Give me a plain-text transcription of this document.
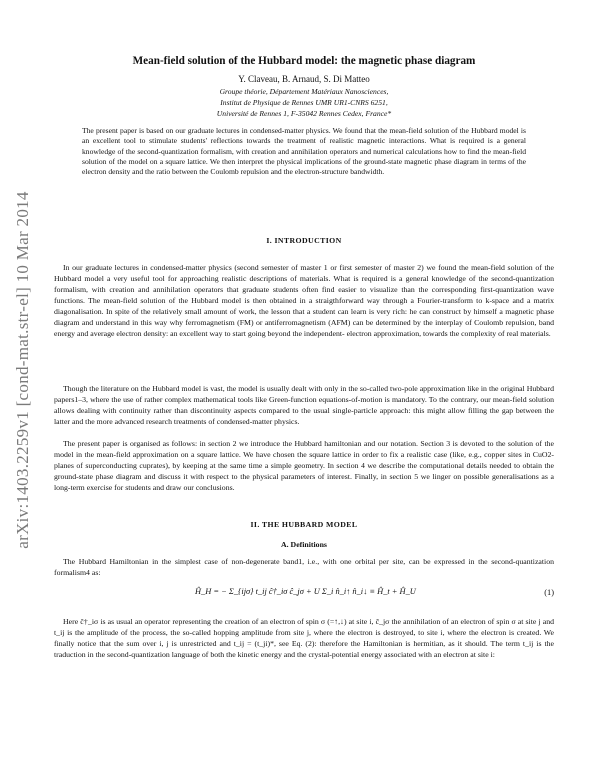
arXiv:1403.2259v1 [cond-mat.str-el] 10 Mar 2014
Mean-field solution of the Hubbard model: the magnetic phase diagram
Y. Claveau, B. Arnaud, S. Di Matteo
Groupe théorie, Département Matériaux Nanosciences,
Institut de Physique de Rennes UMR UR1-CNRS 6251,
Université de Rennes 1, F-35042 Rennes Cedex, France*
The present paper is based on our graduate lectures in condensed-matter physics. We found that the mean-field solution of the Hubbard model is an excellent tool to stimulate students' reflections towards the treatment of realistic magnetic interactions. What is required is a general knowledge of the second-quantization formalism, with creation and annihilation operators and numerical calculations how to find the mean-field solution of the model on a square lattice. We then interpret the physical implications of the ground-state magnetic phase diagram in terms of the electron density and the ratio between the Coulomb repulsion and the electron-structure bandwidth.
I. INTRODUCTION
In our graduate lectures in condensed-matter physics (second semester of master 1 or first semester of master 2) we found the mean-field solution of the Hubbard model a very useful tool for approaching realistic descriptions of materials. What is required is a general knowledge of the second-quantization formalism, with creation and annihilation operators that graduate students often find easier to visualize than the corresponding first-quantization wave functions. The mean-field solution of the Hubbard model is then obtained in a straigthforward way through a Fourier-transform to k-space and a matrix diagonalisation. In spite of the relatively small amount of work, the lesson that a student can learn is very rich: he can construct by himself a magnetic phase diagram and understand in this way why ferromagnetism (FM) or antiferromagnetism (AFM) can be determined by the interplay of Coulomb repulsion, band energy and average electron density: an excellent way to start going beyond the independent- electron approximation, towards the complexity of real materials.
Though the literature on the Hubbard model is vast, the model is usually dealt with only in the so-called two-pole approximation like in the original Hubbard papers1–3, where the use of rather complex mathematical tools like Green-function equations-of-motion is mandatory. To the contrary, our mean-field solution allows dealing with continuity rather than discontinuity aspects compared to the usual single-particle approach: this might allow filling the gap between the latter and the more advanced research treatments of condensed-matter physics.
The present paper is organised as follows: in section 2 we introduce the Hubbard hamiltonian and our notation. Section 3 is devoted to the solution of the model in the mean-field approximation on a square lattice. We have chosen the square lattice in order to fix a realistic case (like, e.g., copper sites in CuO2-planes of superconducting cuprates), by keeping at the same time a simple geometry. In section 4 we describe the computational details needed to obtain the ground-state phase diagram and discuss it with respect to the physical parameters of interest. Finally, in section 5 we linger on possible generalisations as a long-term exercise for students and draw our conclusions.
II. THE HUBBARD MODEL
A. Definitions
The Hubbard Hamiltonian in the simplest case of non-degenerate band1, i.e., with one orbital per site, can be expressed in the second-quantization formalism4 as:
Ĥ_H = − Σ_{ijσ} t_ij ĉ†_iσ ĉ_jσ + U Σ_i n̂_i↑ n̂_i↓ ≡ Ĥ_t + Ĥ_U	(1)
Here ĉ†_iσ is as usual an operator representing the creation of an electron of spin σ (=↑,↓) at site i, ĉ_jσ the annihilation of an electron of spin σ at site j and t_ij is the amplitude of the process, the so-called hopping amplitude from site j, where the electron is destroyed, to site i, where the electron is created. We finally notice that the sum over i, j is unrestricted and t_ij = (t_ji)*, see Eq. (2): therefore the Hamiltonian is hermitian, as it should. The term t_ij is the traduction in the second-quantization language of both the kinetic energy and the crystal-potential energy associated with an electron at site i:
